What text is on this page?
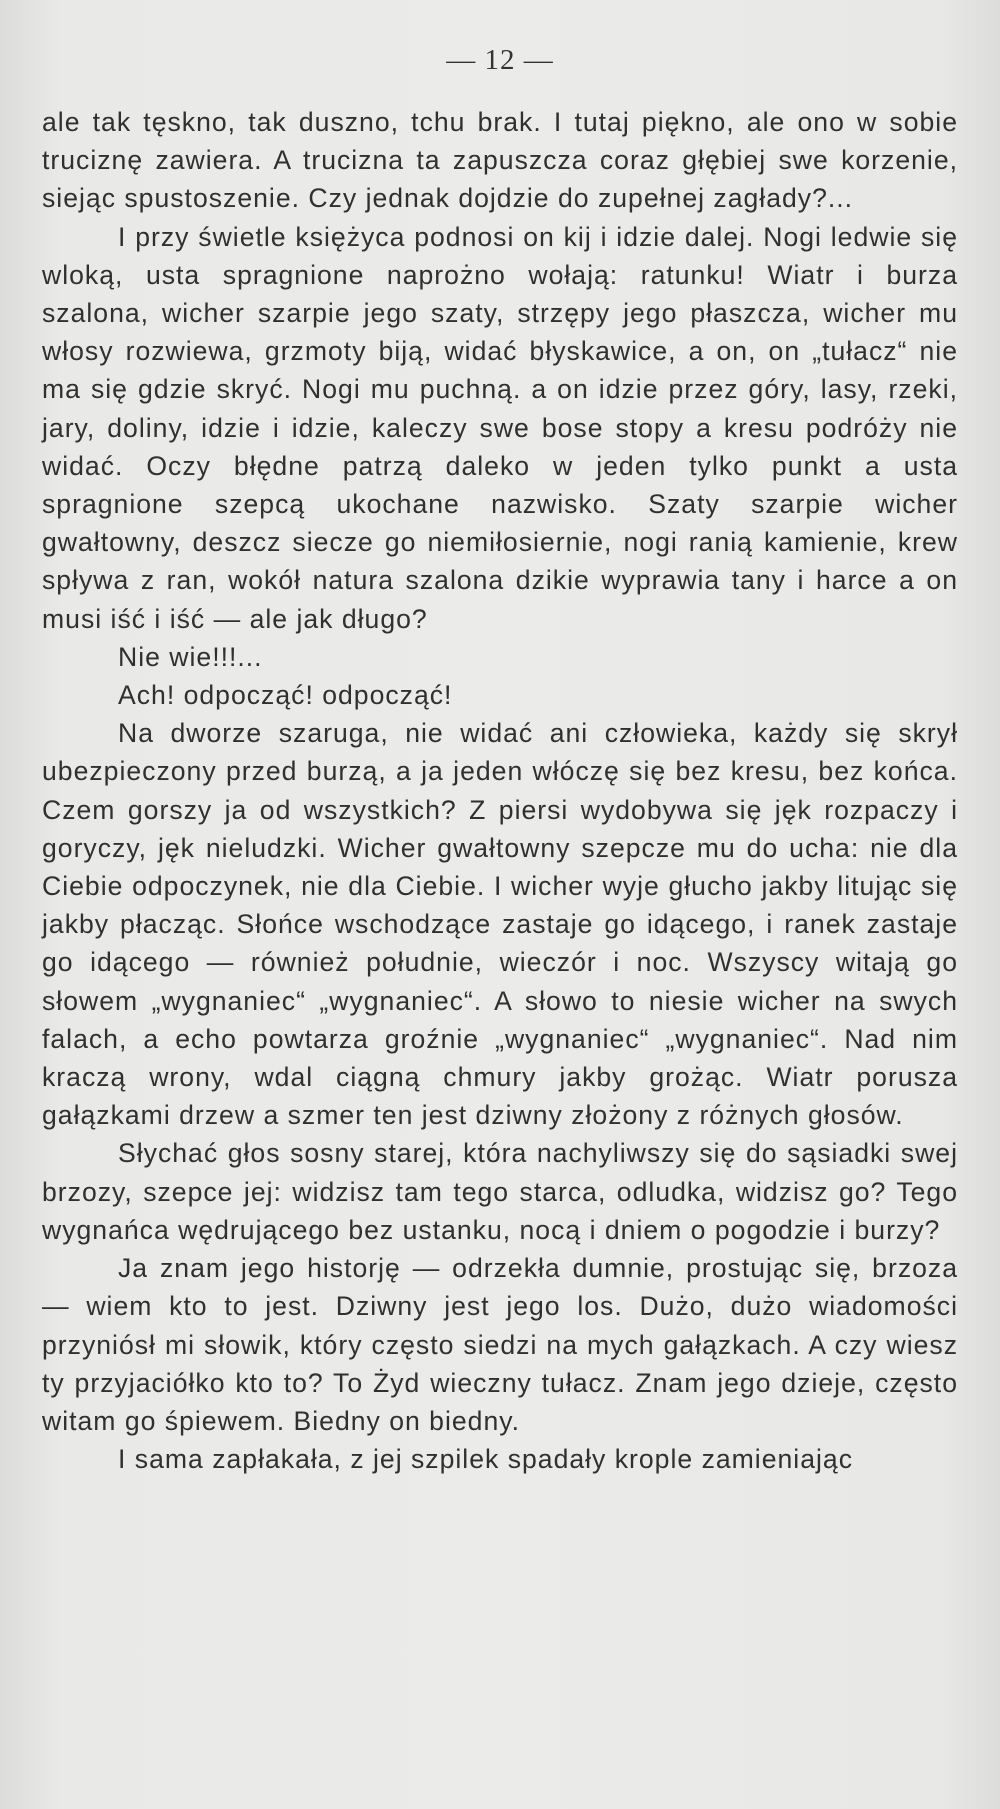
— 12 —

ale tak tęskno, tak duszno, tchu brak. I tutaj piękno, ale ono w sobie truciznę zawiera. A trucizna ta zapuszcza coraz głębiej swe korzenie, siejąc spustoszenie. Czy jednak dojdzie do zupełnej zagłady?...

I przy świetle księżyca podnosi on kij i idzie dalej. Nogi ledwie się wloką, usta spragnione naprożno wołają: ratunku! Wiatr i burza szalona, wicher szarpie jego szaty, strzępy jego płaszcza, wicher mu włosy rozwiewa, grzmoty biją, widać błyskawice, a on, on „tułacz“ nie ma się gdzie skryć. Nogi mu puchną. a on idzie przez góry, lasy, rzeki, jary, doliny, idzie i idzie, kaleczy swe bose stopy a kresu podróży nie widać. Oczy błędne patrzą daleko w jeden tylko punkt a usta spragnione szepcą ukochane nazwisko. Szaty szarpie wicher gwałtowny, deszcz siecze go niemiłosiernie, nogi ranią kamienie, krew spływa z ran, wokół natura szalona dzikie wyprawia tany i harce a on musi iść i iść — ale jak długo?

Nie wie!!!...

Ach! odpocząć! odpocząć!

Na dworze szaruga, nie widać ani człowieka, każdy się skrył ubezpieczony przed burzą, a ja jeden włóczę się bez kresu, bez końca. Czem gorszy ja od wszystkich? Z piersi wydobywa się jęk rozpaczy i goryczy, jęk nieludzki. Wicher gwałtowny szepcze mu do ucha: nie dla Ciebie odpoczynek, nie dla Ciebie. I wicher wyje głucho jakby litując się jakby płacząc. Słońce wschodzące zastaje go idącego, i ranek zastaje go idącego — również południe, wieczór i noc. Wszyscy witają go słowem „wygnaniec“ „wygnaniec“. A słowo to niesie wicher na swych falach, a echo powtarza groźnie „wygnaniec“ „wygnaniec“. Nad nim kraczą wrony, wdal ciągną chmury jakby grożąc. Wiatr porusza gałązkami drzew a szmer ten jest dziwny złożony z różnych głosów.

Słychać głos sosny starej, która nachyliwszy się do sąsiadki swej brzozy, szepce jej: widzisz tam tego starca, odludka, widzisz go? Tego wygnańca wędrującego bez ustanku, nocą i dniem o pogodzie i burzy?

Ja znam jego historję — odrzekła dumnie, prostując się, brzoza — wiem kto to jest. Dziwny jest jego los. Dużo, dużo wiadomości przyniósł mi słowik, który często siedzi na mych gałązkach. A czy wiesz ty przyjaciółko kto to? To Żyd wieczny tułacz. Znam jego dzieje, często witam go śpiewem. Biedny on biedny.

I sama zapłakała, z jej szpilek spadały krople zamieniając
